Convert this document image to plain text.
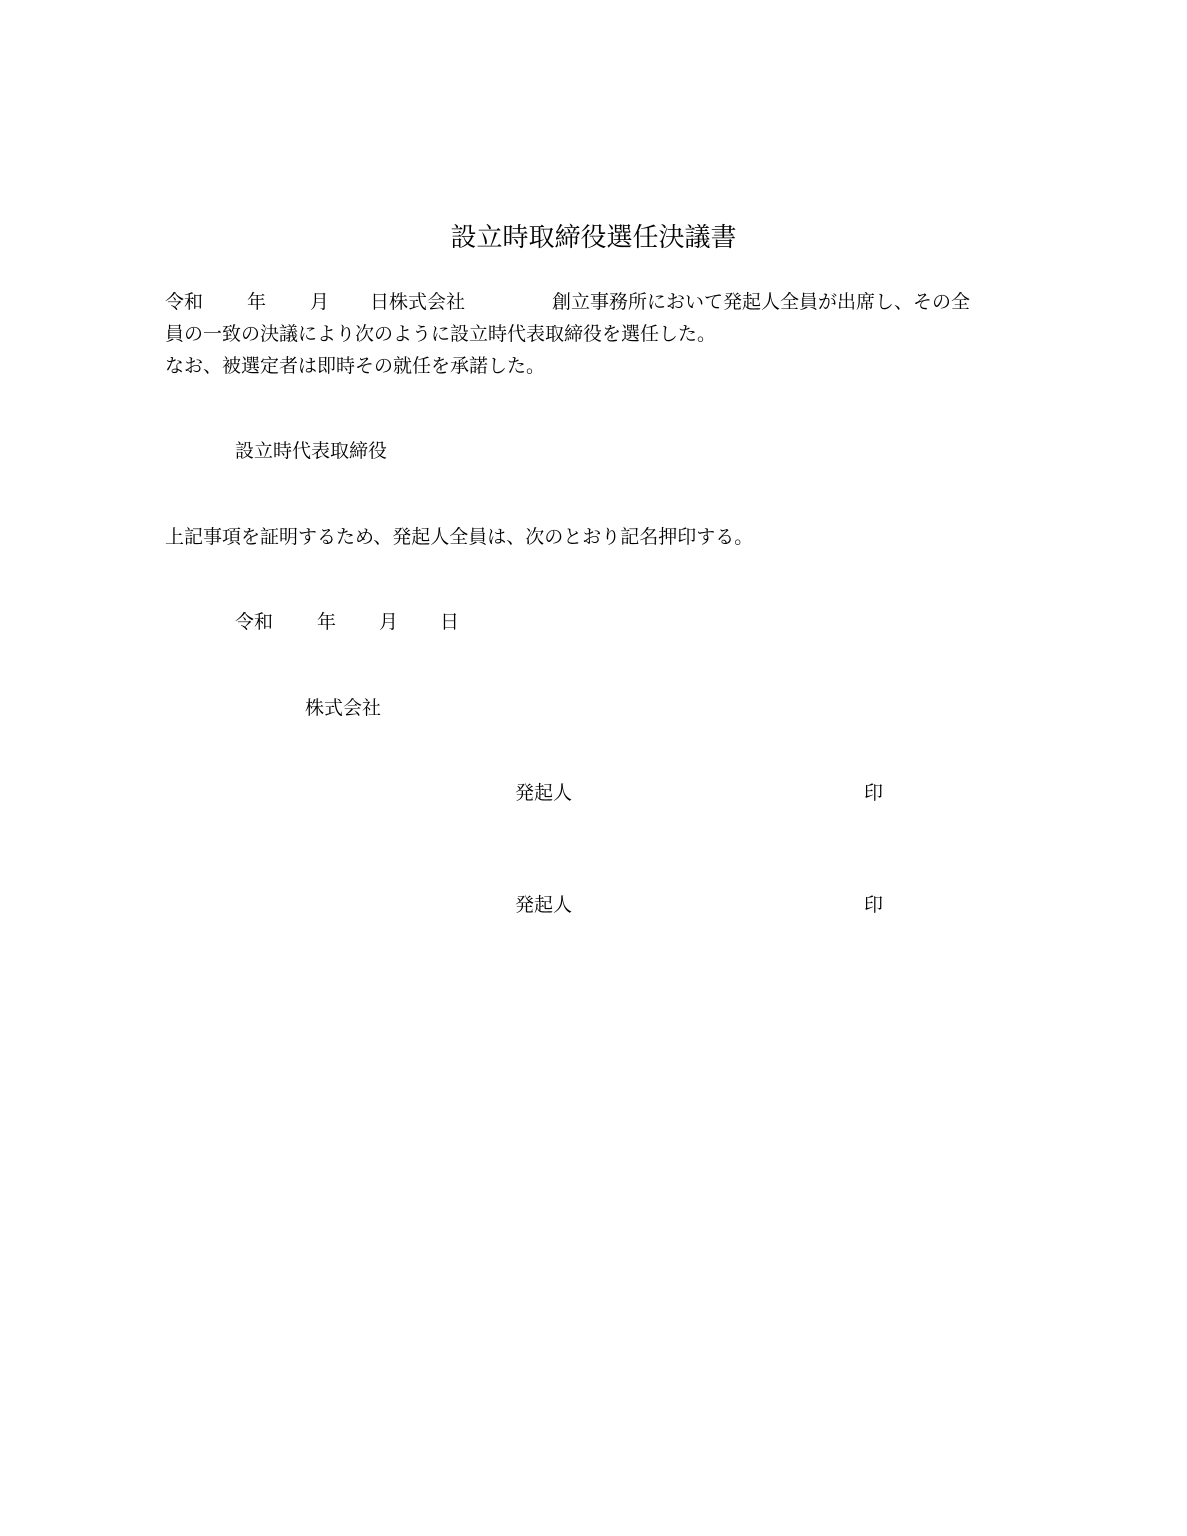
設立時取締役選任決議書
令和 年 月 日株式会社	創立事務所において発起人全員が出席し、その全
員の一致の決議により次のように設立時代表取締役を選任した。
なお、被選定者は即時その就任を承諾した。
設立時代表取締役
上記事項を証明するため、発起人全員は、次のとおり記名押印する。
令和 年 月 日
株式会社
発起人	印
発起人	印
